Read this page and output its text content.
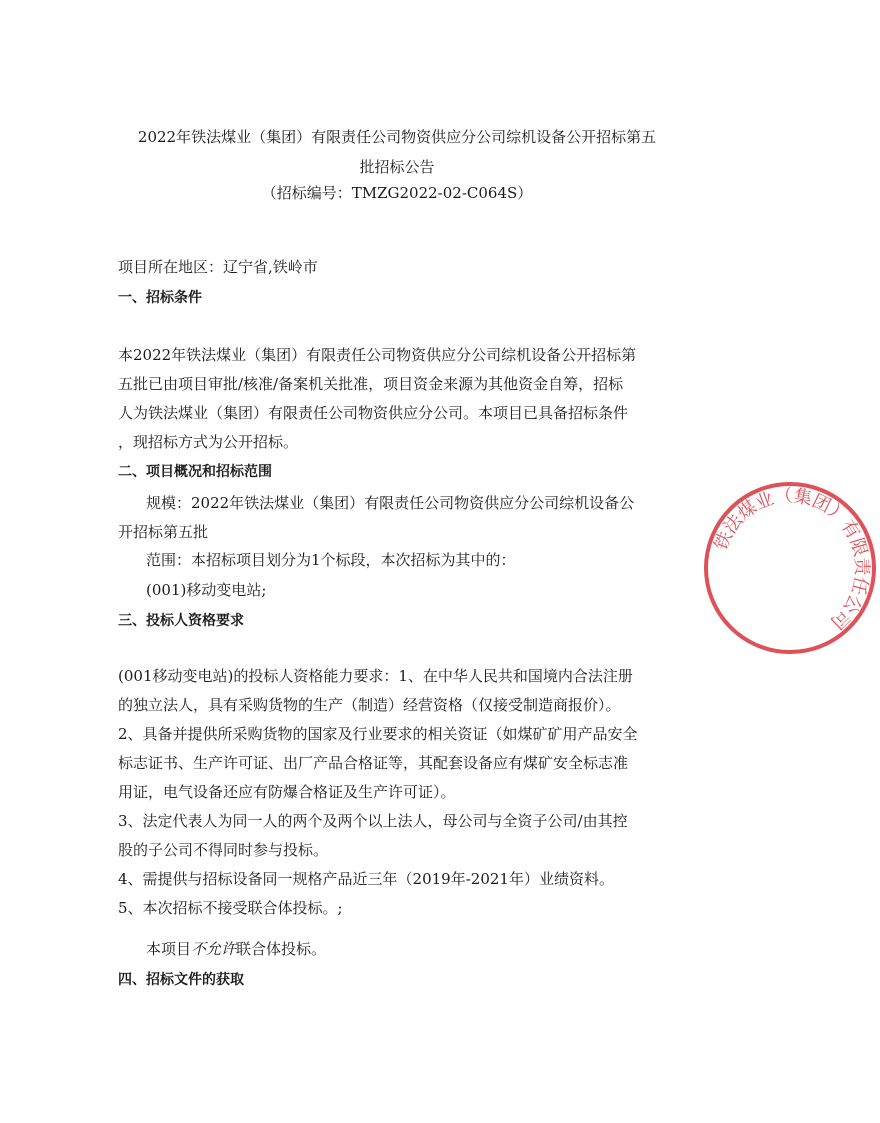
2022年铁法煤业（集团）有限责任公司物资供应分公司综机设备公开招标第五
批招标公告
（招标编号：TMZG2022-02-C064S）
项目所在地区：辽宁省,铁岭市
一、招标条件
本2022年铁法煤业（集团）有限责任公司物资供应分公司综机设备公开招标第
五批已由项目审批/核准/备案机关批准，项目资金来源为其他资金自筹，招标
人为铁法煤业（集团）有限责任公司物资供应分公司。本项目已具备招标条件
，现招标方式为公开招标。
二、项目概况和招标范围
规模：2022年铁法煤业（集团）有限责任公司物资供应分公司综机设备公
开招标第五批
范围：本招标项目划分为1个标段，本次招标为其中的：
(001)移动变电站;
三、投标人资格要求
(001移动变电站)的投标人资格能力要求：1、在中华人民共和国境内合法注册
的独立法人，具有采购货物的生产（制造）经营资格（仅接受制造商报价）。
2、具备并提供所采购货物的国家及行业要求的相关资证（如煤矿矿用产品安全
标志证书、生产许可证、出厂产品合格证等，其配套设备应有煤矿安全标志准
用证，电气设备还应有防爆合格证及生产许可证）。
3、法定代表人为同一人的两个及两个以上法人，母公司与全资子公司/由其控
股的子公司不得同时参与投标。
4、需提供与招标设备同一规格产品近三年（2019年-2021年）业绩资料。
5、本次招标不接受联合体投标。;
本项目不允许联合体投标。
四、招标文件的获取
铁法煤业（集团）有限责任公司
